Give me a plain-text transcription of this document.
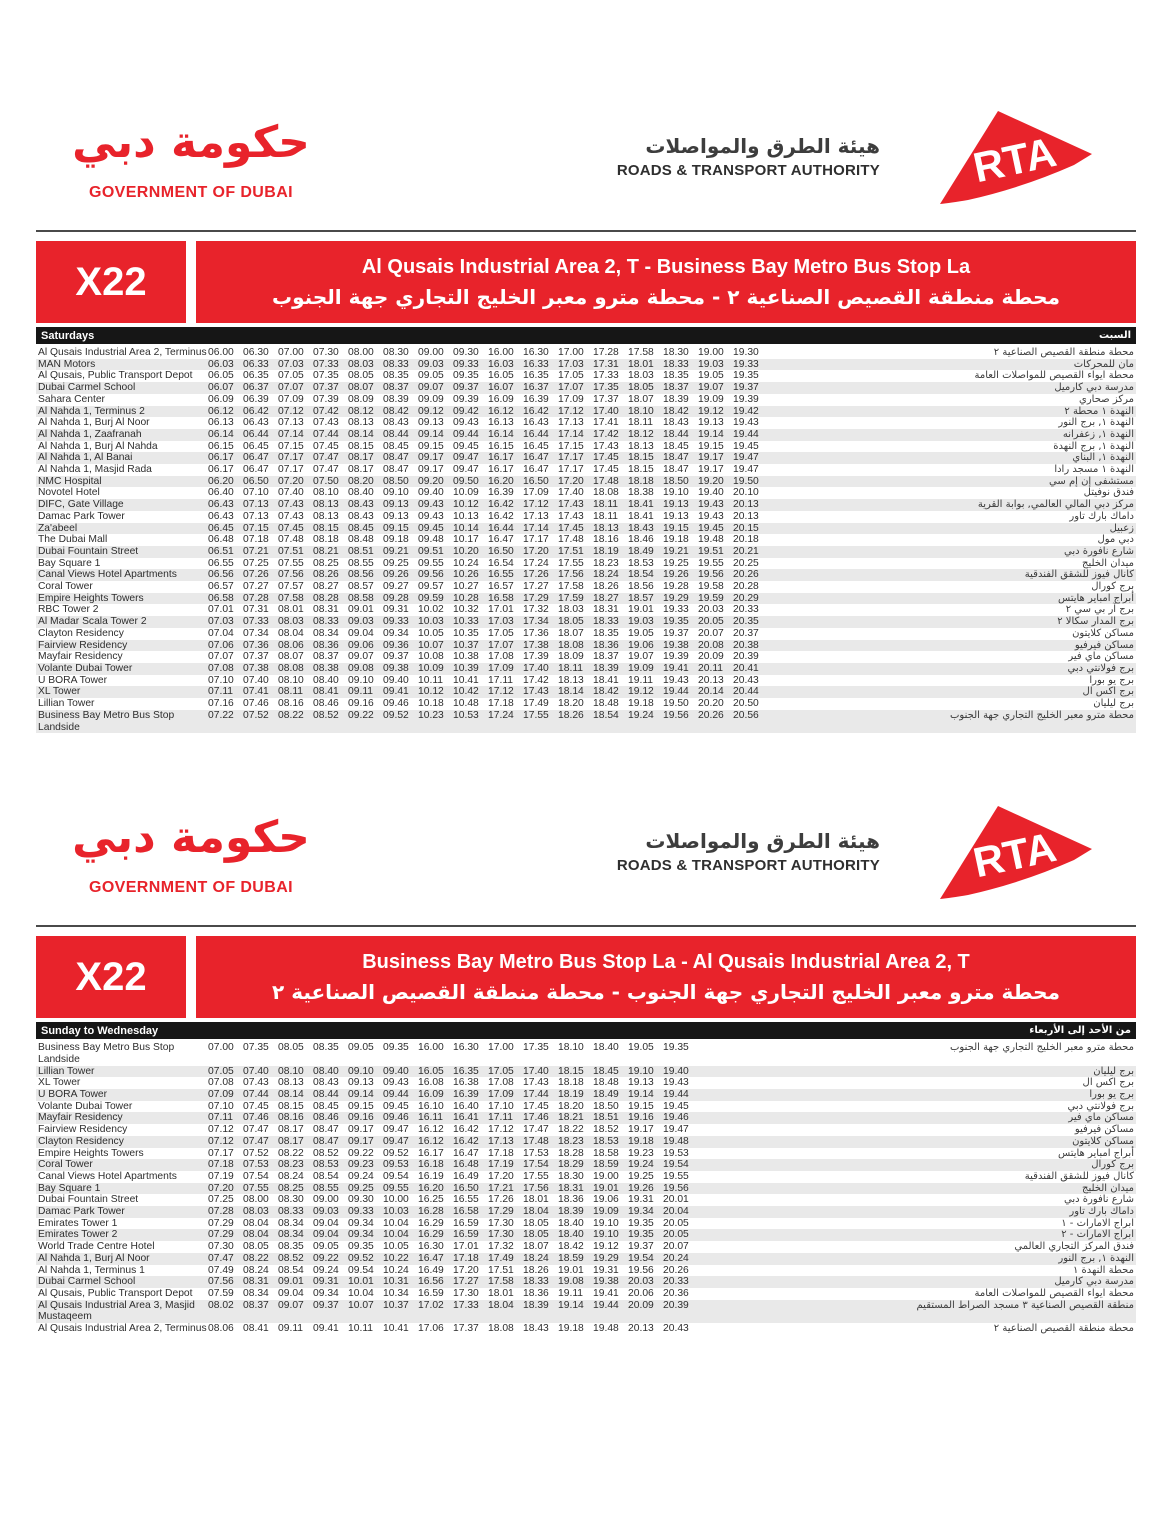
حكومة دبي
GOVERNMENT OF DUBAI
هيئة الطرق والمواصلات
ROADS & TRANSPORT AUTHORITY RTA
X22	Al Qusais Industrial Area 2, T - Business Bay Metro Bus Stop La
محطة منطقة القصيص الصناعية ٢ - محطة مترو معبر الخليج التجاري جهة الجنوب
Saturdays	السبت
Al Qusais Industrial Area 2, Terminus 06.00 06.30 07.00 07.30 08.00 08.30 09.00 09.30 16.00 16.30 17.00 17.28 17.58 18.30 19.00 19.30	محطة منطقة القصيص الصناعية ٢
MAN Motors	06.03 06.33 07.03 07.33 08.03 08.33 09.03 09.33 16.03 16.33 17.03 17.31 18.01 18.33 19.03 19.33	مان للمحركات
Al Qusais, Public Transport Depot	06.05 06.35 07.05 07.35 08.05 08.35 09.05 09.35 16.05 16.35 17.05 17.33 18.03 18.35 19.05 19.35	محطة ايواء القصيص للمواصلات العامة
Dubai Carmel School	06.07 06.37 07.07 07.37 08.07 08.37 09.07 09.37 16.07 16.37 17.07 17.35 18.05 18.37 19.07 19.37	مدرسة دبي كارميل
Sahara Center	06.09 06.39 07.09 07.39 08.09 08.39 09.09 09.39 16.09 16.39 17.09 17.37 18.07 18.39 19.09 19.39	مركز صحاري
Al Nahda 1, Terminus 2	06.12 06.42 07.12 07.42 08.12 08.42 09.12 09.42 16.12 16.42 17.12 17.40 18.10 18.42 19.12 19.42	النهدة ١ محطة ٢
Al Nahda 1, Burj Al Noor	06.13 06.43 07.13 07.43 08.13 08.43 09.13 09.43 16.13 16.43 17.13 17.41 18.11 18.43 19.13 19.43	النهدة ١, برج النور
Al Nahda 1, Zaafranah	06.14 06.44 07.14 07.44 08.14 08.44 09.14 09.44 16.14 16.44 17.14 17.42 18.12 18.44 19.14 19.44	النهدة ١, زعفرانه
Al Nahda 1, Burj Al Nahda	06.15 06.45 07.15 07.45 08.15 08.45 09.15 09.45 16.15 16.45 17.15 17.43 18.13 18.45 19.15 19.45	النهدة ١, برج النهدة
Al Nahda 1, Al Banai	06.17 06.47 07.17 07.47 08.17 08.47 09.17 09.47 16.17 16.47 17.17 17.45 18.15 18.47 19.17 19.47	النهدة ١, البناي
Al Nahda 1, Masjid Rada	06.17 06.47 07.17 07.47 08.17 08.47 09.17 09.47 16.17 16.47 17.17 17.45 18.15 18.47 19.17 19.47	النهدة ١ مسجد رادا
NMC Hospital	06.20 06.50 07.20 07.50 08.20 08.50 09.20 09.50 16.20 16.50 17.20 17.48 18.18 18.50 19.20 19.50	مستشفى إن إم سي
Novotel Hotel	06.40 07.10 07.40 08.10 08.40 09.10 09.40 10.09 16.39 17.09 17.40 18.08 18.38 19.10 19.40 20.10	فندق نوفيتل
DIFC, Gate Village	06.43 07.13 07.43 08.13 08.43 09.13 09.43 10.12 16.42 17.12 17.43 18.11 18.41 19.13 19.43 20.13	مركز دبي المالي العالمي, بوابة القرية
Damac Park Tower	06.43 07.13 07.43 08.13 08.43 09.13 09.43 10.13 16.42 17.13 17.43 18.11 18.41 19.13 19.43 20.13	داماك بارك تاور
Za'abeel	06.45 07.15 07.45 08.15 08.45 09.15 09.45 10.14 16.44 17.14 17.45 18.13 18.43 19.15 19.45 20.15	زعبيل
The Dubai Mall	06.48 07.18 07.48 08.18 08.48 09.18 09.48 10.17 16.47 17.17 17.48 18.16 18.46 19.18 19.48 20.18	دبي مول
Dubai Fountain Street	06.51 07.21 07.51 08.21 08.51 09.21 09.51 10.20 16.50 17.20 17.51 18.19 18.49 19.21 19.51 20.21	شارع نافورة دبي
Bay Square 1	06.55 07.25 07.55 08.25 08.55 09.25 09.55 10.24 16.54 17.24 17.55 18.23 18.53 19.25 19.55 20.25	ميدان الخليج
Canal Views Hotel Apartments	06.56 07.26 07.56 08.26 08.56 09.26 09.56 10.26 16.55 17.26 17.56 18.24 18.54 19.26 19.56 20.26	كانال فيوز للشقق الفندقية
Coral Tower	06.57 07.27 07.57 08.27 08.57 09.27 09.57 10.27 16.57 17.27 17.58 18.26 18.56 19.28 19.58 20.28	برج كورال
Empire Heights Towers	06.58 07.28 07.58 08.28 08.58 09.28 09.59 10.28 16.58 17.29 17.59 18.27 18.57 19.29 19.59 20.29	أبراج امباير هايتس
RBC Tower 2	07.01 07.31 08.01 08.31 09.01 09.31 10.02 10.32 17.01 17.32 18.03 18.31 19.01 19.33 20.03 20.33	برج آر بي سي ٢
Al Madar Scala Tower 2	07.03 07.33 08.03 08.33 09.03 09.33 10.03 10.33 17.03 17.34 18.05 18.33 19.03 19.35 20.05 20.35	برج المدار سكالا ٢
Clayton Residency	07.04 07.34 08.04 08.34 09.04 09.34 10.05 10.35 17.05 17.36 18.07 18.35 19.05 19.37 20.07 20.37	مساكن كلايتون
Fairview Residency	07.06 07.36 08.06 08.36 09.06 09.36 10.07 10.37 17.07 17.38 18.08 18.36 19.06 19.38 20.08 20.38	مساكن فيرفيو
Mayfair Residency	07.07 07.37 08.07 08.37 09.07 09.37 10.08 10.38 17.08 17.39 18.09 18.37 19.07 19.39 20.09 20.39	مساكن ماي فير
Volante Dubai Tower	07.08 07.38 08.08 08.38 09.08 09.38 10.09 10.39 17.09 17.40 18.11 18.39 19.09 19.41 20.11 20.41	برج فولانتي دبي
U BORA Tower	07.10 07.40 08.10 08.40 09.10 09.40 10.11 10.41 17.11 17.42 18.13 18.41 19.11 19.43 20.13 20.43	برج يو بورا
XL Tower	07.11 07.41 08.11 08.41 09.11 09.41 10.12 10.42 17.12 17.43 18.14 18.42 19.12 19.44 20.14 20.44	برج اكس ال
Lillian Tower	07.16 07.46 08.16 08.46 09.16 09.46 10.18 10.48 17.18 17.49 18.20 18.48 19.18 19.50 20.20 20.50	برج ليليان
Business Bay Metro Bus Stop Landside
07.22 07.52 08.22 08.52 09.22 09.52 10.23 10.53 17.24 17.55 18.26 18.54 19.24 19.56 20.26 20.56	محطة مترو معبر الخليج التجاري جهة الجنوب
حكومة دبي
GOVERNMENT OF DUBAI
هيئة الطرق والمواصلات
ROADS & TRANSPORT AUTHORITY RTA
X22	Business Bay Metro Bus Stop La - Al Qusais Industrial Area 2, T
محطة مترو معبر الخليج التجاري جهة الجنوب - محطة منطقة القصيص الصناعية ٢
Sunday to Wednesday	من الأحد إلى الأربعاء
Business Bay Metro Bus Stop Landside
07.00 07.35 08.05 08.35 09.05 09.35 16.00 16.30 17.00 17.35 18.10 18.40 19.05 19.35	محطة مترو معبر الخليج التجاري جهة الجنوب
Lillian Tower	07.05 07.40 08.10 08.40 09.10 09.40 16.05 16.35 17.05 17.40 18.15 18.45 19.10 19.40	برج ليليان
XL Tower	07.08 07.43 08.13 08.43 09.13 09.43 16.08 16.38 17.08 17.43 18.18 18.48 19.13 19.43	برج اكس ال
U BORA Tower	07.09 07.44 08.14 08.44 09.14 09.44 16.09 16.39 17.09 17.44 18.19 18.49 19.14 19.44	برج يو بورا
Volante Dubai Tower	07.10 07.45 08.15 08.45 09.15 09.45 16.10 16.40 17.10 17.45 18.20 18.50 19.15 19.45	برج فولانتي دبي
Mayfair Residency	07.11 07.46 08.16 08.46 09.16 09.46 16.11 16.41 17.11 17.46 18.21 18.51 19.16 19.46	مساكن ماي فير
Fairview Residency	07.12 07.47 08.17 08.47 09.17 09.47 16.12 16.42 17.12 17.47 18.22 18.52 19.17 19.47	مساكن فيرفيو
Clayton Residency	07.12 07.47 08.17 08.47 09.17 09.47 16.12 16.42 17.13 17.48 18.23 18.53 19.18 19.48	مساكن كلايتون
Empire Heights Towers	07.17 07.52 08.22 08.52 09.22 09.52 16.17 16.47 17.18 17.53 18.28 18.58 19.23 19.53	أبراج امباير هايتس
Coral Tower	07.18 07.53 08.23 08.53 09.23 09.53 16.18 16.48 17.19 17.54 18.29 18.59 19.24 19.54	برج كورال
Canal Views Hotel Apartments	07.19 07.54 08.24 08.54 09.24 09.54 16.19 16.49 17.20 17.55 18.30 19.00 19.25 19.55	كانال فيوز للشقق الفندقية
Bay Square 1	07.20 07.55 08.25 08.55 09.25 09.55 16.20 16.50 17.21 17.56 18.31 19.01 19.26 19.56	ميدان الخليج
Dubai Fountain Street	07.25 08.00 08.30 09.00 09.30 10.00 16.25 16.55 17.26 18.01 18.36 19.06 19.31 20.01	شارع نافورة دبي
Damac Park Tower	07.28 08.03 08.33 09.03 09.33 10.03 16.28 16.58 17.29 18.04 18.39 19.09 19.34 20.04	داماك بارك تاور
Emirates Tower 1	07.29 08.04 08.34 09.04 09.34 10.04 16.29 16.59 17.30 18.05 18.40 19.10 19.35 20.05	ابراج الامارات - ١
Emirates Tower 2	07.29 08.04 08.34 09.04 09.34 10.04 16.29 16.59 17.30 18.05 18.40 19.10 19.35 20.05	ابراج الامارات - ٢
World Trade Centre Hotel	07.30 08.05 08.35 09.05 09.35 10.05 16.30 17.01 17.32 18.07 18.42 19.12 19.37 20.07	فندق المركز التجاري العالمي
Al Nahda 1, Burj Al Noor	07.47 08.22 08.52 09.22 09.52 10.22 16.47 17.18 17.49 18.24 18.59 19.29 19.54 20.24	النهدة ١, برج النور
Al Nahda 1, Terminus 1	07.49 08.24 08.54 09.24 09.54 10.24 16.49 17.20 17.51 18.26 19.01 19.31 19.56 20.26	محطة النهدة ١
Dubai Carmel School	07.56 08.31 09.01 09.31 10.01 10.31 16.56 17.27 17.58 18.33 19.08 19.38 20.03 20.33	مدرسة دبي كارميل
Al Qusais, Public Transport Depot	07.59 08.34 09.04 09.34 10.04 10.34 16.59 17.30 18.01 18.36 19.11 19.41 20.06 20.36	محطة ايواء القصيص للمواصلات العامة
Al Qusais Industrial Area 3, Masjid Mustaqeem
08.02 08.37 09.07 09.37 10.07 10.37 17.02 17.33 18.04 18.39 19.14 19.44 20.09 20.39	منطقة القصيص الصناعية ٣ مسجد الصراط المستقيم
Al Qusais Industrial Area 2, Terminus 08.06 08.41 09.11 09.41 10.11 10.41 17.06 17.37 18.08 18.43 19.18 19.48 20.13 20.43	محطة منطقة القصيص الصناعية ٢
